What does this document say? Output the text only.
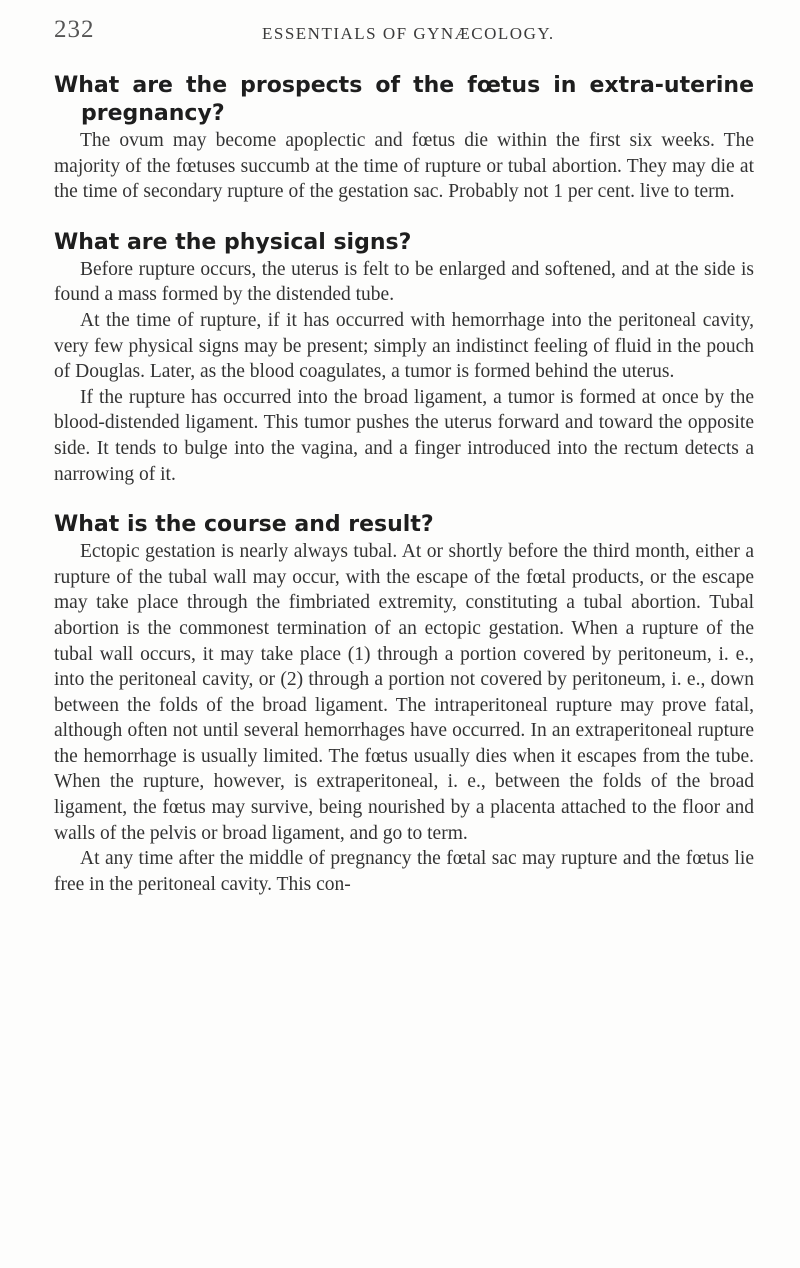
232	ESSENTIALS OF GYNÆCOLOGY.
What are the prospects of the fœtus in extra-uterine pregnancy?

The ovum may become apoplectic and fœtus die within the first six weeks. The majority of the fœtuses succumb at the time of rupture or tubal abortion. They may die at the time of secondary rupture of the gestation sac. Probably not 1 per cent. live to term.

What are the physical signs?

Before rupture occurs, the uterus is felt to be enlarged and softened, and at the side is found a mass formed by the distended tube.

At the time of rupture, if it has occurred with hemorrhage into the peritoneal cavity, very few physical signs may be present; simply an indistinct feeling of fluid in the pouch of Douglas. Later, as the blood coagulates, a tumor is formed behind the uterus.

If the rupture has occurred into the broad ligament, a tumor is formed at once by the blood-distended ligament. This tumor pushes the uterus forward and toward the opposite side. It tends to bulge into the vagina, and a finger introduced into the rectum detects a narrowing of it.

What is the course and result?

Ectopic gestation is nearly always tubal. At or shortly before the third month, either a rupture of the tubal wall may occur, with the escape of the fœtal products, or the escape may take place through the fimbriated extremity, constituting a tubal abortion. Tubal abortion is the commonest termination of an ectopic gestation. When a rupture of the tubal wall occurs, it may take place (1) through a portion covered by peritoneum, i. e., into the peritoneal cavity, or (2) through a portion not covered by peritoneum, i. e., down between the folds of the broad ligament. The intraperitoneal rupture may prove fatal, although often not until several hemorrhages have occurred. In an extraperitoneal rupture the hemorrhage is usually limited. The fœtus usually dies when it escapes from the tube. When the rupture, however, is extraperitoneal, i. e., between the folds of the broad ligament, the fœtus may survive, being nourished by a placenta attached to the floor and walls of the pelvis or broad ligament, and go to term.

At any time after the middle of pregnancy the fœtal sac may rupture and the fœtus lie free in the peritoneal cavity. This con-
